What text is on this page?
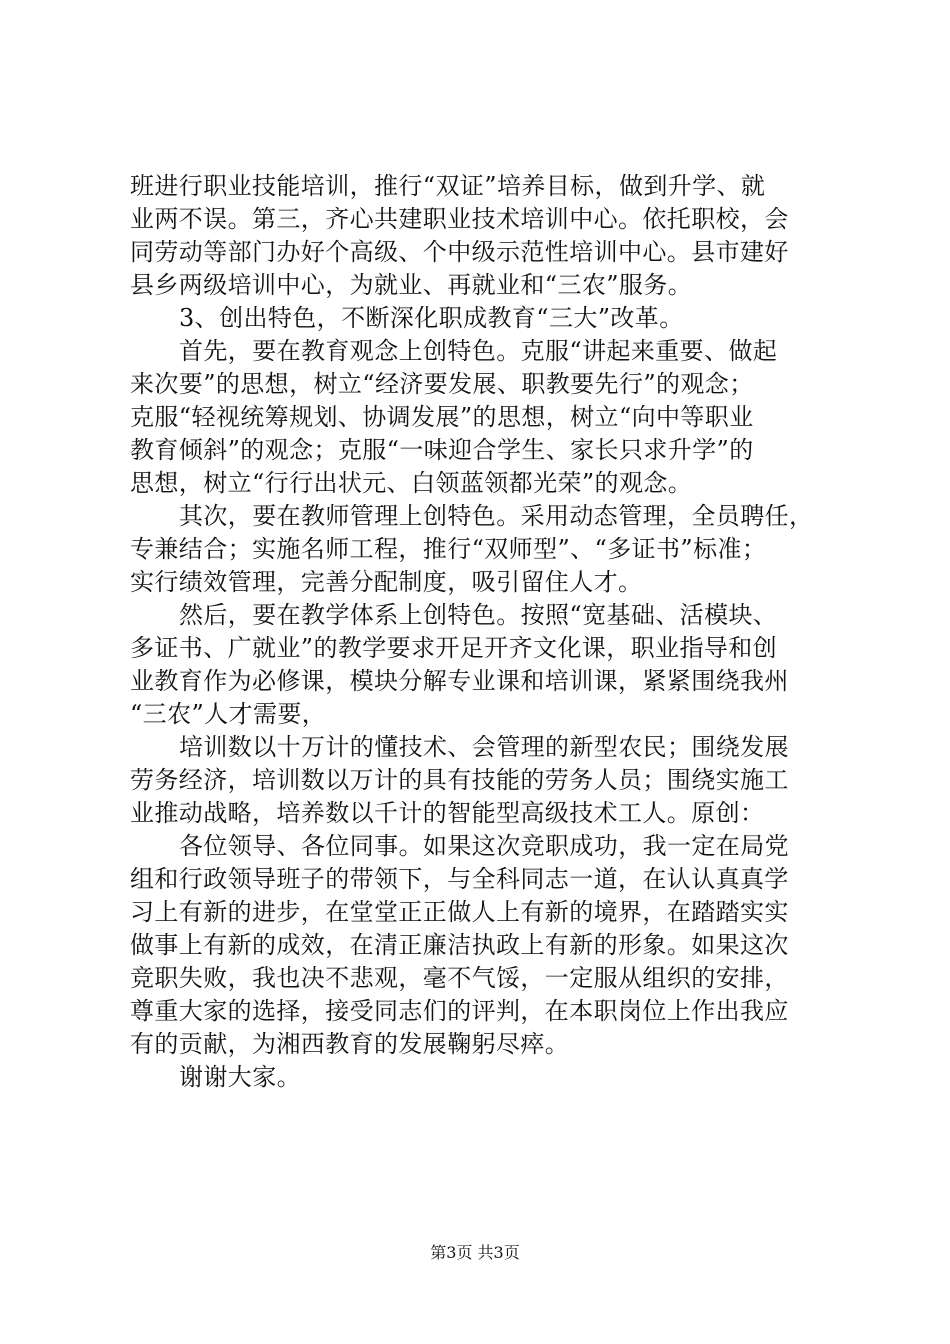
班进行职业技能培训，推行“双证”培养目标，做到升学、就
业两不误。第三，齐心共建职业技术培训中心。依托职校，会
同劳动等部门办好个高级、个中级示范性培训中心。县市建好
县乡两级培训中心，为就业、再就业和“三农”服务。
3、创出特色，不断深化职成教育“三大”改革。
首先，要在教育观念上创特色。克服“讲起来重要、做起
来次要”的思想，树立“经济要发展、职教要先行”的观念；
克服“轻视统筹规划、协调发展”的思想，树立“向中等职业
教育倾斜”的观念；克服“一味迎合学生、家长只求升学”的
思想，树立“行行出状元、白领蓝领都光荣”的观念。
其次，要在教师管理上创特色。采用动态管理，全员聘任，
专兼结合；实施名师工程，推行“双师型”、“多证书”标准；
实行绩效管理，完善分配制度，吸引留住人才。
然后，要在教学体系上创特色。按照“宽基础、活模块、
多证书、广就业”的教学要求开足开齐文化课，职业指导和创
业教育作为必修课，模块分解专业课和培训课，紧紧围绕我州
“三农”人才需要，
培训数以十万计的懂技术、会管理的新型农民；围绕发展
劳务经济，培训数以万计的具有技能的劳务人员；围绕实施工
业推动战略，培养数以千计的智能型高级技术工人。原创：
各位领导、各位同事。如果这次竞职成功，我一定在局党
组和行政领导班子的带领下，与全科同志一道，在认认真真学
习上有新的进步，在堂堂正正做人上有新的境界，在踏踏实实
做事上有新的成效，在清正廉洁执政上有新的形象。如果这次
竞职失败，我也决不悲观，毫不气馁，一定服从组织的安排，
尊重大家的选择，接受同志们的评判，在本职岗位上作出我应
有的贡献，为湘西教育的发展鞠躬尽瘁。
谢谢大家。
第3页 共3页
